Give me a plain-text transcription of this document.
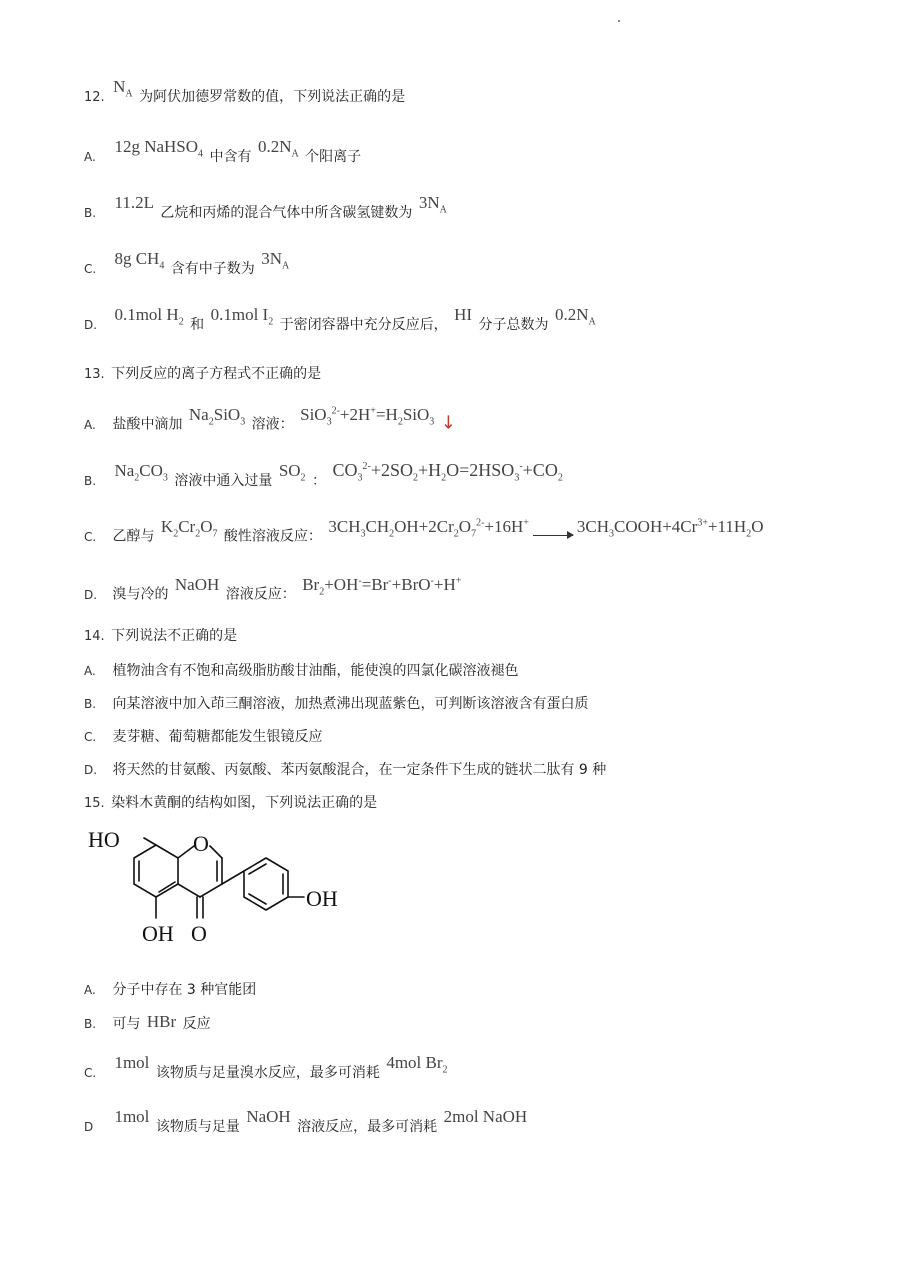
12. $N_A$ 为阿伏加德罗常数的值，下列说法正确的是
A. 12g NaHSO$_4$ 中含有 $0.2N_A$ 个阳离子
B. 11.2L 乙烷和丙烯的混合气体中所含碳氢键数为 $3N_A$
C. 8g $CH_4$ 含有中子数为 $3N_A$
D. 0.1mol $H_2$ 和 0.1mol $I_2$ 于密闭容器中充分反应后， HI 分子总数为 $0.2N_A$
13. 下列反应的离子方程式不正确的是
A. 盐酸中滴加 $Na_2SiO_3$ 溶液： $SiO_3^{2-}+2H^+=H_2SiO_3$ ↓
B. $Na_2CO_3$ 溶液中通入过量 $SO_2$ ： $CO_3^{2-}+2SO_2+H_2O=2HSO_3^-+CO_2$
C. 乙醇与 $K_2Cr_2O_7$ 酸性溶液反应： $3CH_3CH_2OH+2Cr_2O_7^{2-}+16H^+$ → $3CH_3COOH+4Cr^{3+}+11H_2O$
D. 溴与冷的 NaOH 溶液反应： $Br_2+OH^-=Br^-+BrO^-+H^+$
14. 下列说法不正确的是
A. 植物油含有不饱和高级脂肪酸甘油酯，能使溴的四氯化碳溶液褪色
B. 向某溶液中加入茚三酮溶液，加热煮沸出现蓝紫色，可判断该溶液含有蛋白质
C. 麦芽糖、葡萄糖都能发生银镜反应
D. 将天然的甘氨酸、丙氨酸、苯丙氨酸混合，在一定条件下生成的链状二肽有 9 种
15. 染料木黄酮的结构如图，下列说法正确的是
HO	O
OH
OH O
A. 分子中存在 3 种官能团
B. 可与 HBr 反应
C. 1mol 该物质与足量溴水反应，最多可消耗 4mol $Br_2$
D 1mol 该物质与足量 NaOH 溶液反应，最多可消耗 2mol NaOH
